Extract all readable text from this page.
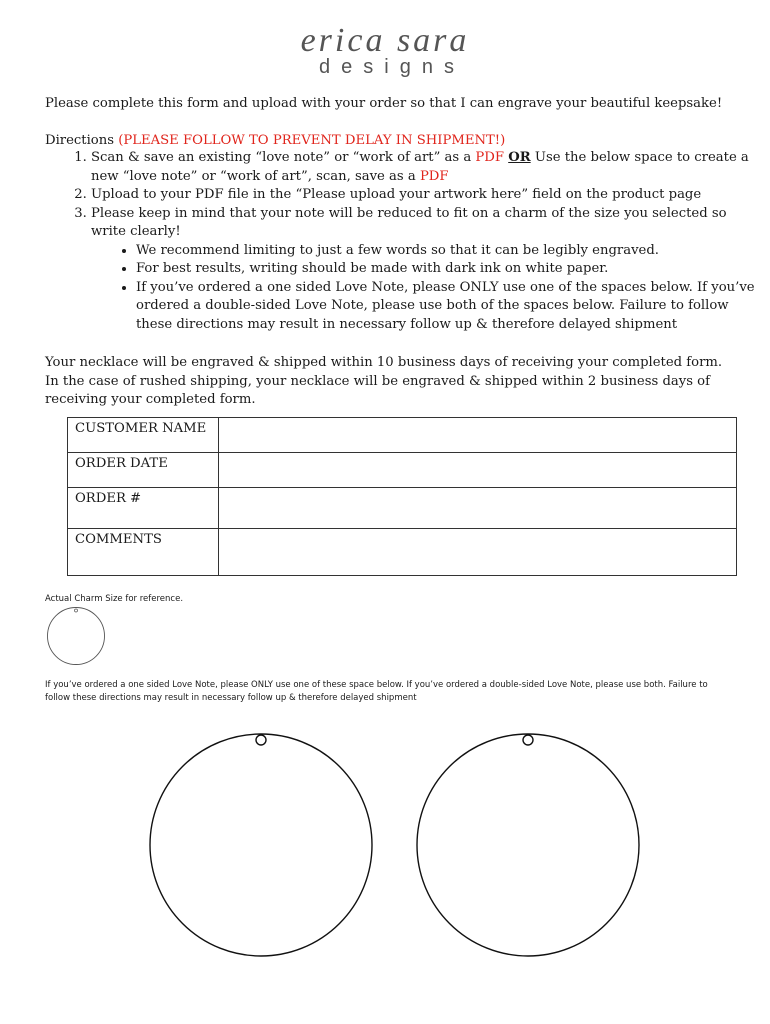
erica sara
designs
Please complete this form and upload with your order so that I can engrave your beautiful keepsake!
Directions (PLEASE FOLLOW TO PREVENT DELAY IN SHIPMENT!)
1. Scan & save an existing “love note” or “work of art” as a PDF OR Use the below space to create a new “love note” or “work of art”, scan, save as a PDF
2. Upload to your PDF file in the “Please upload your artwork here” field on the product page
3. Please keep in mind that your note will be reduced to fit on a charm of the size you selected so write clearly!
• We recommend limiting to just a few words so that it can be legibly engraved.
• For best results, writing should be made with dark ink on white paper.
• If you’ve ordered a one sided Love Note, please ONLY use one of the spaces below. If you’ve ordered a double-sided Love Note, please use both of the spaces below. Failure to follow these directions may result in necessary follow up & therefore delayed shipment
Your necklace will be engraved & shipped within 10 business days of receiving your completed form. In the case of rushed shipping, your necklace will be engraved & shipped within 2 business days of receiving your completed form.
CUSTOMER NAME	
ORDER DATE	
ORDER #	
COMMENTS	
Actual Charm Size for reference.
If you’ve ordered a one sided Love Note, please ONLY use one of these space below. If you’ve ordered a double-sided Love Note, please use both. Failure to follow these directions may result in necessary follow up & therefore delayed shipment
